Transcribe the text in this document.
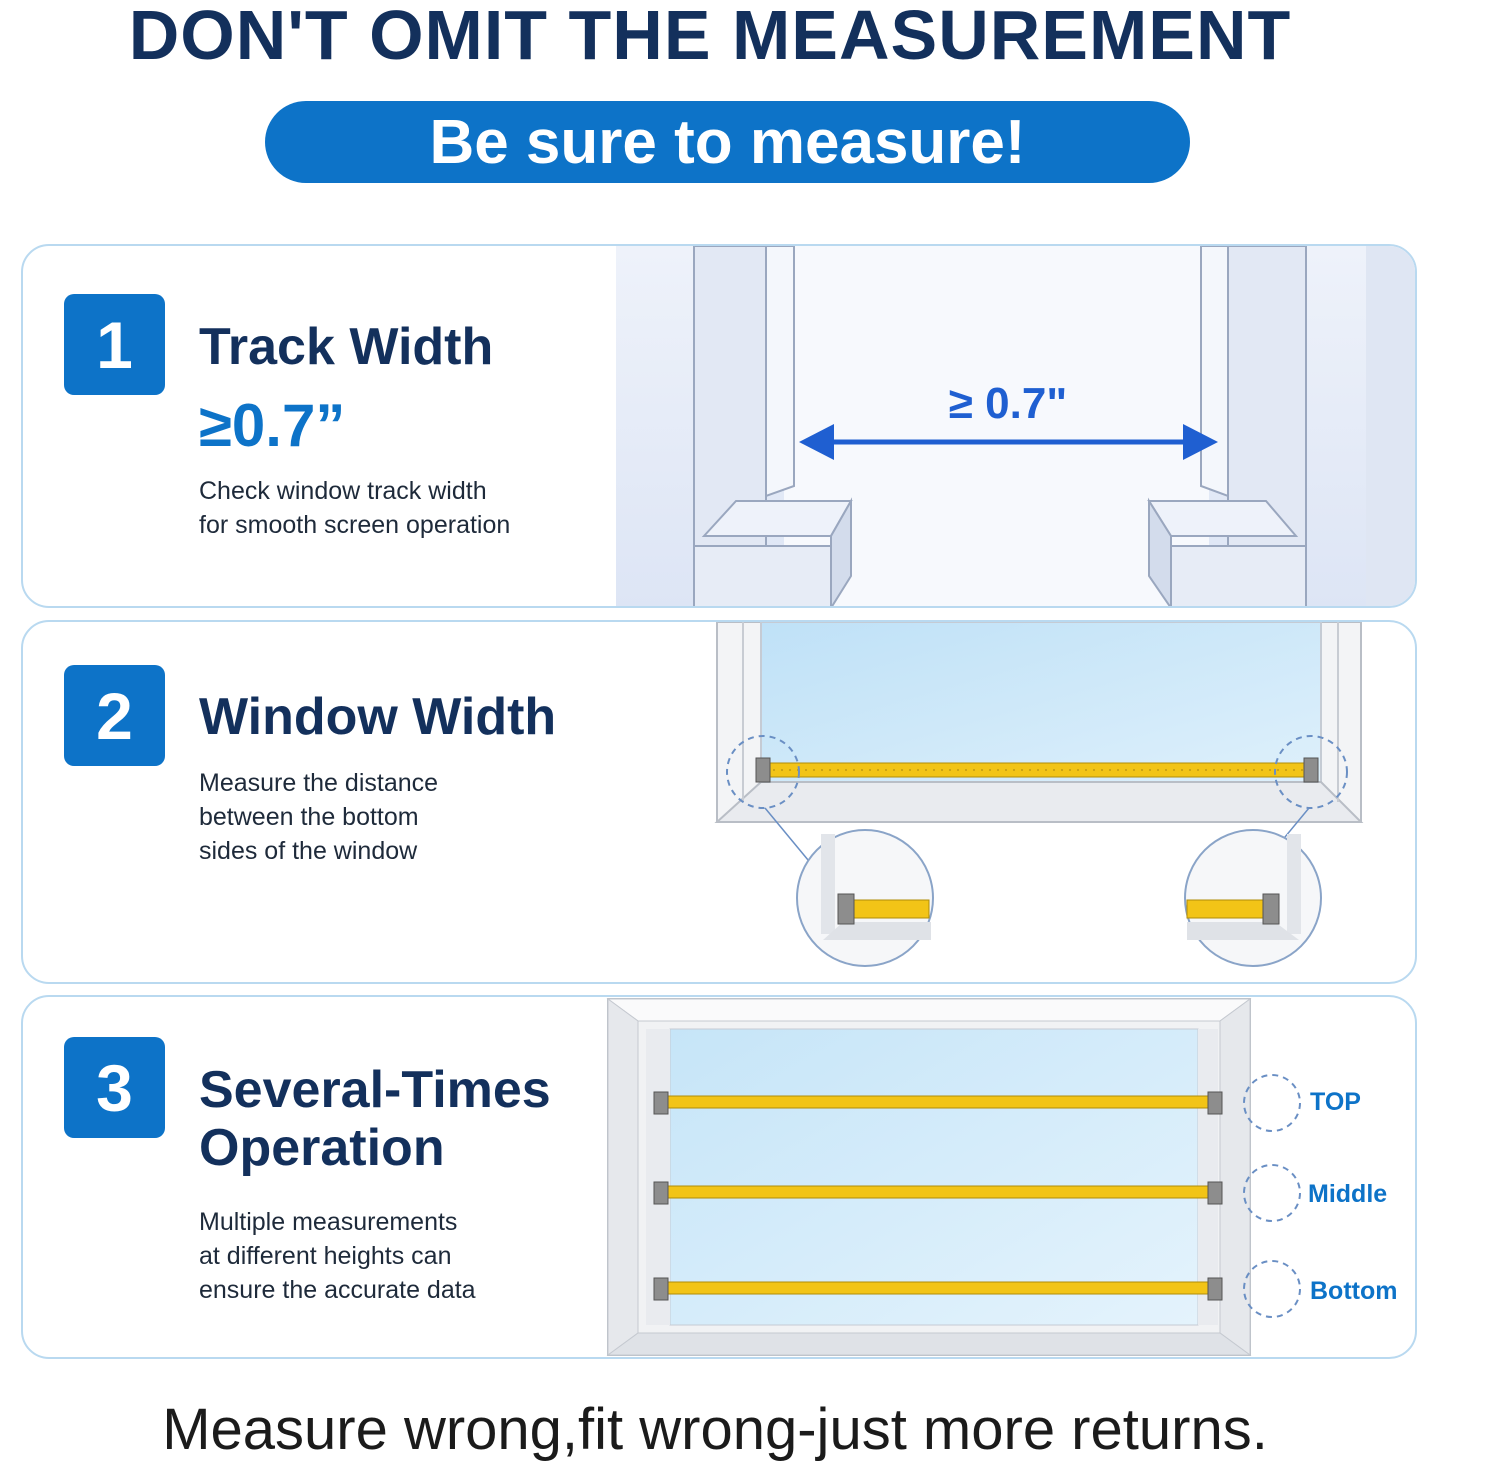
DON'T OMIT THE MEASUREMENT
Be sure to measure!
1	Track Width
≥0.7”
Check window track width
for smooth screen operation
≥ 0.7"
2	Window Width
Measure the distance
between the bottom
sides of the window
3	Several-Times
Operation
Multiple measurements
at different heights can
ensure the accurate data
TOP
Middle
Bottom
Measure wrong,fit wrong-just more returns.
